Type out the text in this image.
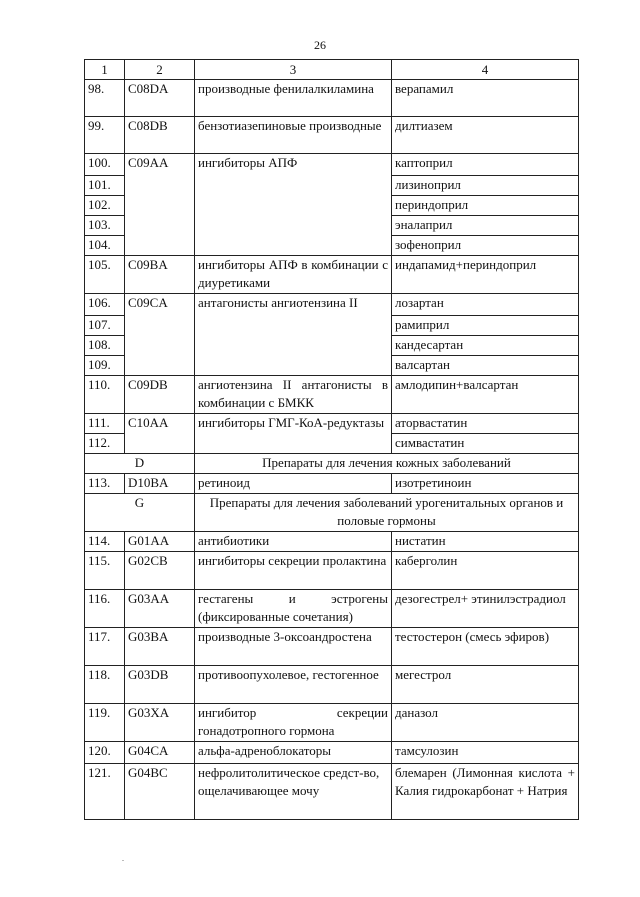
26
1	2	3	4
98.	C08DA	производные фенилалкиламина	верапамил
99.	C08DB	бензотиазепиновые производные	дилтиазем
100.	C09AA	ингибиторы АПФ	каптоприл
101.			лизиноприл
102.			периндоприл
103.			эналаприл
104.			зофеноприл
105.	C09BA	ингибиторы АПФ в комбинации с диуретиками	индапамид+периндоприл
106.	C09CA	антагонисты ангиотензина II	лозартан
107.			рамиприл
108.			кандесартан
109.			валсартан
110.	C09DB	ангиотензина II антагонисты в комбинации с БМКК	амлодипин+валсартан
111.	C10AA	ингибиторы ГМГ-КоА-редуктазы	аторвастатин
112.			симвастатин
D		Препараты для лечения кожных заболеваний	
113.	D10BA	ретиноид	изотретиноин
G		Препараты для лечения заболеваний урогенитальных органов и половые гормоны	
114.	G01AA	антибиотики	нистатин
115.	G02CB	ингибиторы секреции пролактина	каберголин
116.	G03AA	гестагены и эстрогены (фиксированные сочетания)	дезогестрел+ этинилэстрадиол
117.	G03BA	производные 3-оксоандростена	тестостерон (смесь эфиров)
118.	G03DB	противоопухолевое, гестогенное	мегестрол
119.	G03XA	ингибитор секреции гонадотропного гормона	даназол
120.	G04CA	альфа-адреноблокаторы	тамсулозин
121.	G04BC	нефролитолитическое средст-во, ощелачивающее мочу	блемарен (Лимонная кислота + Калия гидрокарбонат + Натрия
